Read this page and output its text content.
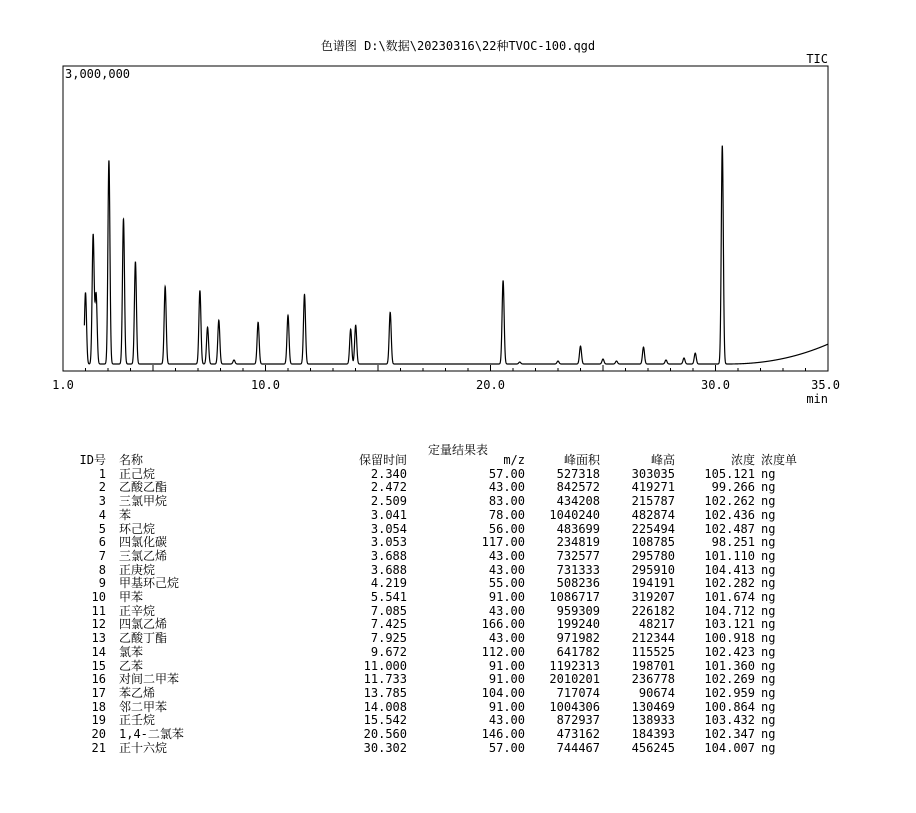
色谱图 D:\数据\20230316\22种TVOC-100.qgd
3,000,000
TIC
1.0	10.0	20.0	30.0	35.0
min
定量结果表
ID号	名称	保留时间	m/z	峰面积	峰高	浓度	浓度单
1	正己烷	2.340	57.00	527318	303035	105.121	ng
2	乙酸乙酯	2.472	43.00	842572	419271	99.266	ng
3	三氯甲烷	2.509	83.00	434208	215787	102.262	ng
4	苯	3.041	78.00	1040240	482874	102.436	ng
5	环己烷	3.054	56.00	483699	225494	102.487	ng
6	四氯化碳	3.053	117.00	234819	108785	98.251	ng
7	三氯乙烯	3.688	43.00	732577	295780	101.110	ng
8	正庚烷	3.688	43.00	731333	295910	104.413	ng
9	甲基环己烷	4.219	55.00	508236	194191	102.282	ng
10	甲苯	5.541	91.00	1086717	319207	101.674	ng
11	正辛烷	7.085	43.00	959309	226182	104.712	ng
12	四氯乙烯	7.425	166.00	199240	48217	103.121	ng
13	乙酸丁酯	7.925	43.00	971982	212344	100.918	ng
14	氯苯	9.672	112.00	641782	115525	102.423	ng
15	乙苯	11.000	91.00	1192313	198701	101.360	ng
16	对间二甲苯	11.733	91.00	2010201	236778	102.269	ng
17	苯乙烯	13.785	104.00	717074	90674	102.959	ng
18	邻二甲苯	14.008	91.00	1004306	130469	100.864	ng
19	正壬烷	15.542	43.00	872937	138933	103.432	ng
20	1,4-二氯苯	20.560	146.00	473162	184393	102.347	ng
21	正十六烷	30.302	57.00	744467	456245	104.007	ng
